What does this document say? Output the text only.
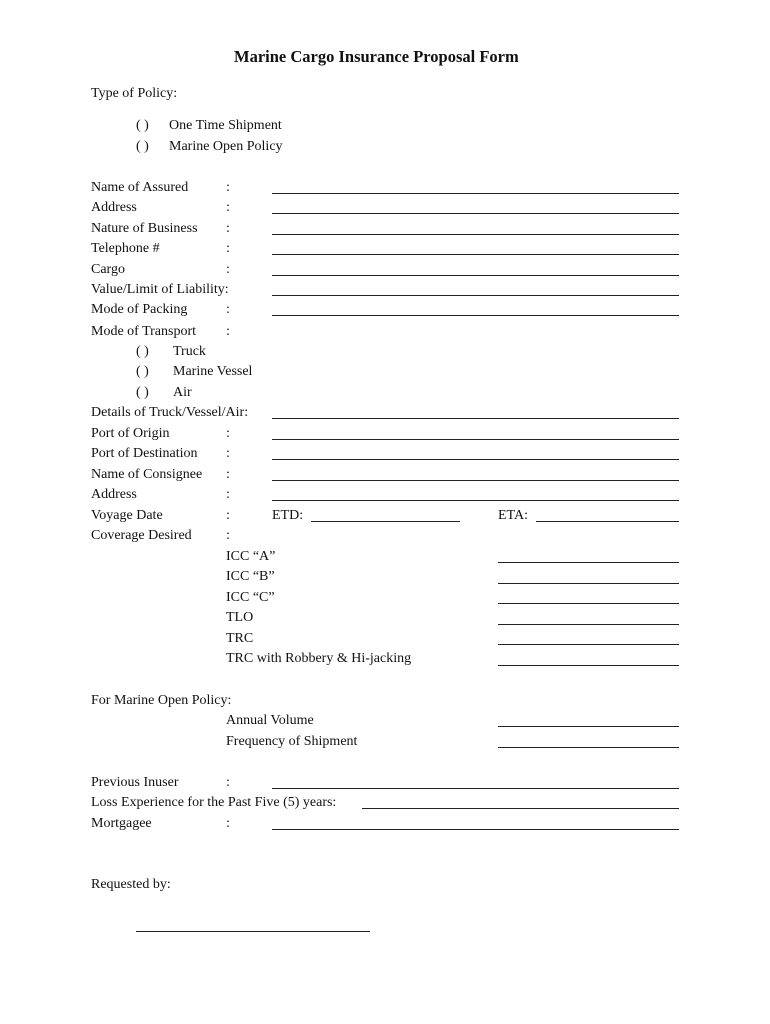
Marine Cargo Insurance Proposal Form
Type of Policy:
( ) One Time Shipment
( ) Marine Open Policy
Name of Assured	:
Address	:
Nature of Business :
Telephone #	:
Cargo	:
Value/Limit of Liability:
Mode of Packing	:
Mode of Transport :
( ) Truck
( ) Marine Vessel
( ) Air
Details of Truck/Vessel/Air:
Port of Origin	:
Port of Destination :
Name of Consignee :
Address	:
Voyage Date	:	ETD:	ETA:
Coverage Desired :
ICC “A”
ICC “B”
ICC “C”
TLO
TRC
TRC with Robbery & Hi-jacking
For Marine Open Policy:
Annual Volume
Frequency of Shipment
Previous Inuser	:
Loss Experience for the Past Five (5) years:
Mortgagee	:
Requested by:
